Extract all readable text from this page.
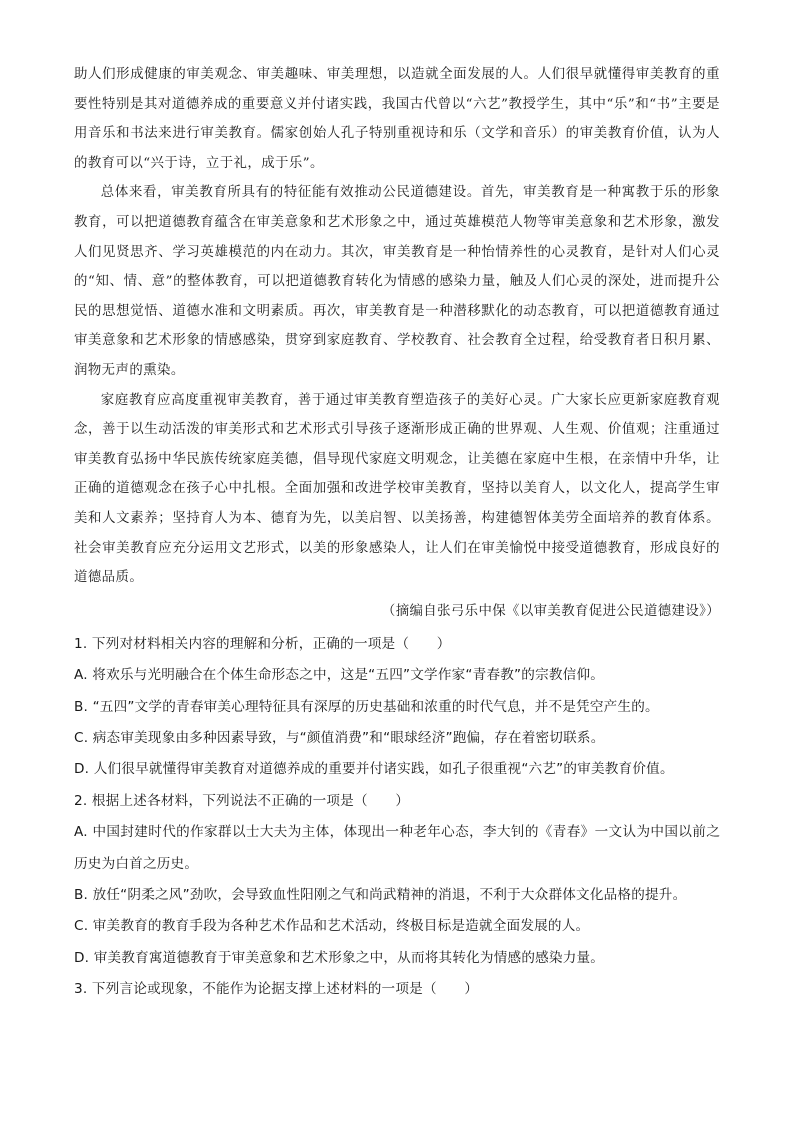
助人们形成健康的审美观念、审美趣味、审美理想，以造就全面发展的人。人们很早就懂得审美教育的重要性特别是其对道德养成的重要意义并付诸实践，我国古代曾以“六艺”教授学生，其中“乐”和“书”主要是用音乐和书法来进行审美教育。儒家创始人孔子特别重视诗和乐（文学和音乐）的审美教育价值，认为人的教育可以“兴于诗，立于礼，成于乐”。

总体来看，审美教育所具有的特征能有效推动公民道德建设。首先，审美教育是一种寓教于乐的形象教育，可以把道德教育蕴含在审美意象和艺术形象之中，通过英雄模范人物等审美意象和艺术形象，激发人们见贤思齐、学习英雄模范的内在动力。其次，审美教育是一种怡情养性的心灵教育，是针对人们心灵的“知、情、意”的整体教育，可以把道德教育转化为情感的感染力量，触及人们心灵的深处，进而提升公民的思想觉悟、道德水准和文明素质。再次，审美教育是一种潜移默化的动态教育，可以把道德教育通过审美意象和艺术形象的情感感染，贯穿到家庭教育、学校教育、社会教育全过程，给受教育者日积月累、润物无声的熏染。

家庭教育应高度重视审美教育，善于通过审美教育塑造孩子的美好心灵。广大家长应更新家庭教育观念，善于以生动活泼的审美形式和艺术形式引导孩子逐渐形成正确的世界观、人生观、价值观；注重通过审美教育弘扬中华民族传统家庭美德，倡导现代家庭文明观念，让美德在家庭中生根，在亲情中升华，让正确的道德观念在孩子心中扎根。全面加强和改进学校审美教育，坚持以美育人，以文化人，提高学生审美和人文素养；坚持育人为本、德育为先，以美启智、以美扬善，构建德智体美劳全面培养的教育体系。社会审美教育应充分运用文艺形式，以美的形象感染人，让人们在审美愉悦中接受道德教育，形成良好的道德品质。

（摘编自张弓乐中保《以审美教育促进公民道德建设》）

1. 下列对材料相关内容的理解和分析，正确的一项是（　　）

A. 将欢乐与光明融合在个体生命形态之中，这是“五四”文学作家“青春教”的宗教信仰。

B. “五四”文学的青春审美心理特征具有深厚的历史基础和浓重的时代气息，并不是凭空产生的。

C. 病态审美现象由多种因素导致，与“颜值消费”和“眼球经济”跑偏，存在着密切联系。

D. 人们很早就懂得审美教育对道德养成的重要并付诸实践，如孔子很重视“六艺”的审美教育价值。

2. 根据上述各材料，下列说法不正确的一项是（　　）

A. 中国封建时代的作家群以士大夫为主体，体现出一种老年心态，李大钊的《青春》一文认为中国以前之历史为白首之历史。

B. 放任“阴柔之风”劲吹，会导致血性阳刚之气和尚武精神的消退，不利于大众群体文化品格的提升。

C. 审美教育的教育手段为各种艺术作品和艺术活动，终极目标是造就全面发展的人。

D. 审美教育寓道德教育于审美意象和艺术形象之中，从而将其转化为情感的感染力量。

3. 下列言论或现象，不能作为论据支撑上述材料的一项是（　　）
